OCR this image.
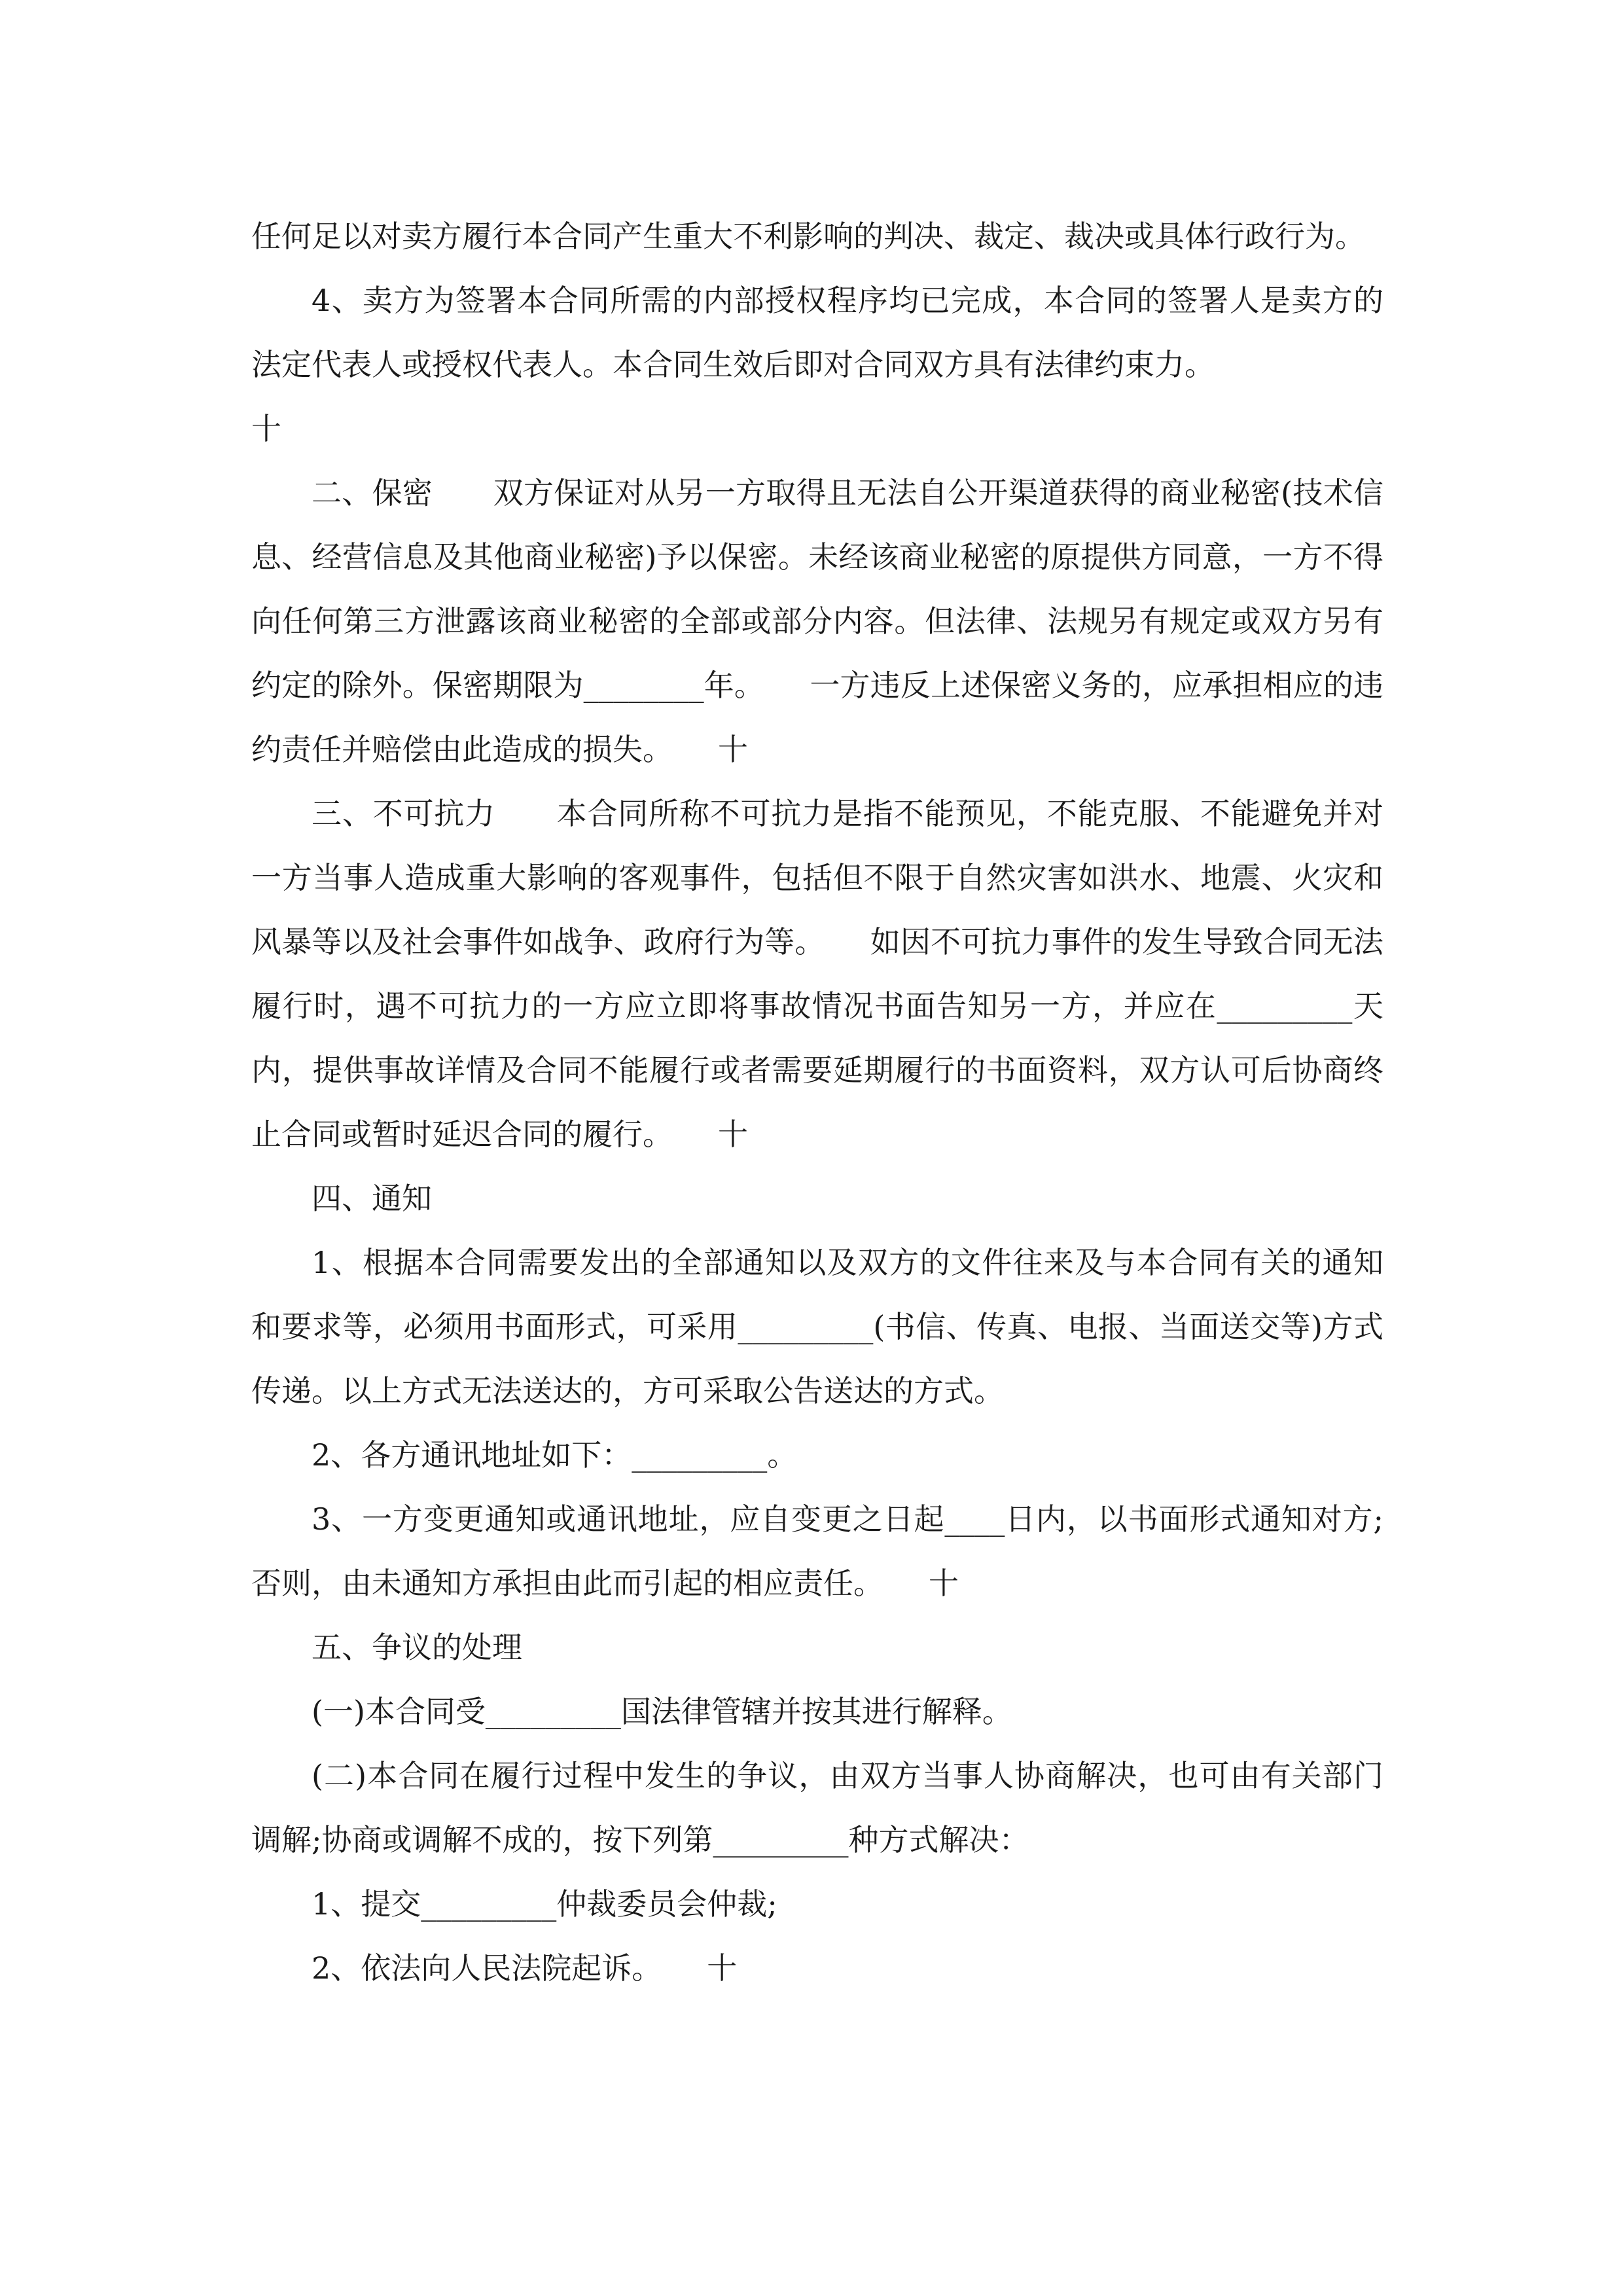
任何足以对卖方履行本合同产生重大不利影响的判决、裁定、裁决或具体行政行为。

4、卖方为签署本合同所需的内部授权程序均已完成，本合同的签署人是卖方的法定代表人或授权代表人。本合同生效后即对合同双方具有法律约束力。

十

二、保密　　双方保证对从另一方取得且无法自公开渠道获得的商业秘密(技术信息、经营信息及其他商业秘密)予以保密。未经该商业秘密的原提供方同意，一方不得向任何第三方泄露该商业秘密的全部或部分内容。但法律、法规另有规定或双方另有约定的除外。保密期限为________年。　　一方违反上述保密义务的，应承担相应的违约责任并赔偿由此造成的损失。　　十

三、不可抗力　　本合同所称不可抗力是指不能预见，不能克服、不能避免并对一方当事人造成重大影响的客观事件，包括但不限于自然灾害如洪水、地震、火灾和风暴等以及社会事件如战争、政府行为等。　　如因不可抗力事件的发生导致合同无法履行时，遇不可抗力的一方应立即将事故情况书面告知另一方，并应在_________天内，提供事故详情及合同不能履行或者需要延期履行的书面资料，双方认可后协商终止合同或暂时延迟合同的履行。　　十

四、通知

1、根据本合同需要发出的全部通知以及双方的文件往来及与本合同有关的通知和要求等，必须用书面形式，可采用_________(书信、传真、电报、当面送交等)方式传递。以上方式无法送达的，方可采取公告送达的方式。

2、各方通讯地址如下：_________。

3、一方变更通知或通讯地址，应自变更之日起____日内，以书面形式通知对方;否则，由未通知方承担由此而引起的相应责任。　　十

五、争议的处理

(一)本合同受_________国法律管辖并按其进行解释。

(二)本合同在履行过程中发生的争议，由双方当事人协商解决，也可由有关部门调解;协商或调解不成的，按下列第_________种方式解决：

1、提交_________仲裁委员会仲裁;

2、依法向人民法院起诉。　　十
